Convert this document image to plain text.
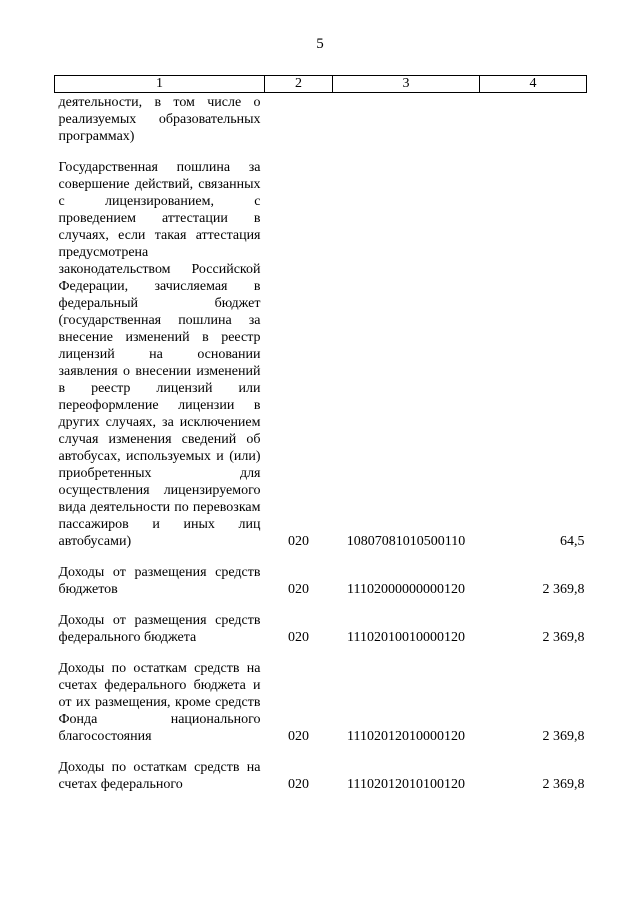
5
1	2	3	4
деятельности, в том числе о реализуемых образовательных программах)			
Государственная пошлина за совершение действий, связанных с лицензированием, с проведением аттестации в случаях, если такая аттестация предусмотрена законодательством Российской Федерации, зачисляемая в федеральный бюджет (государственная пошлина за внесение изменений в реестр лицензий на основании заявления о внесении изменений в реестр лицензий или переоформление лицензии в других случаях, за исключением случая изменения сведений об автобусах, используемых и (или) приобретенных для осуществления лицензируемого вида деятельности по перевозкам пассажиров и иных лиц автобусами)	020	10807081010500110	64,5
Доходы от размещения средств бюджетов	020	11102000000000120	2 369,8
Доходы от размещения средств федерального бюджета	020	11102010010000120	2 369,8
Доходы по остаткам средств на счетах федерального бюджета и от их размещения, кроме средств Фонда национального благосостояния	020	11102012010000120	2 369,8
Доходы по остаткам средств на счетах федерального	020	11102012010100120	2 369,8
